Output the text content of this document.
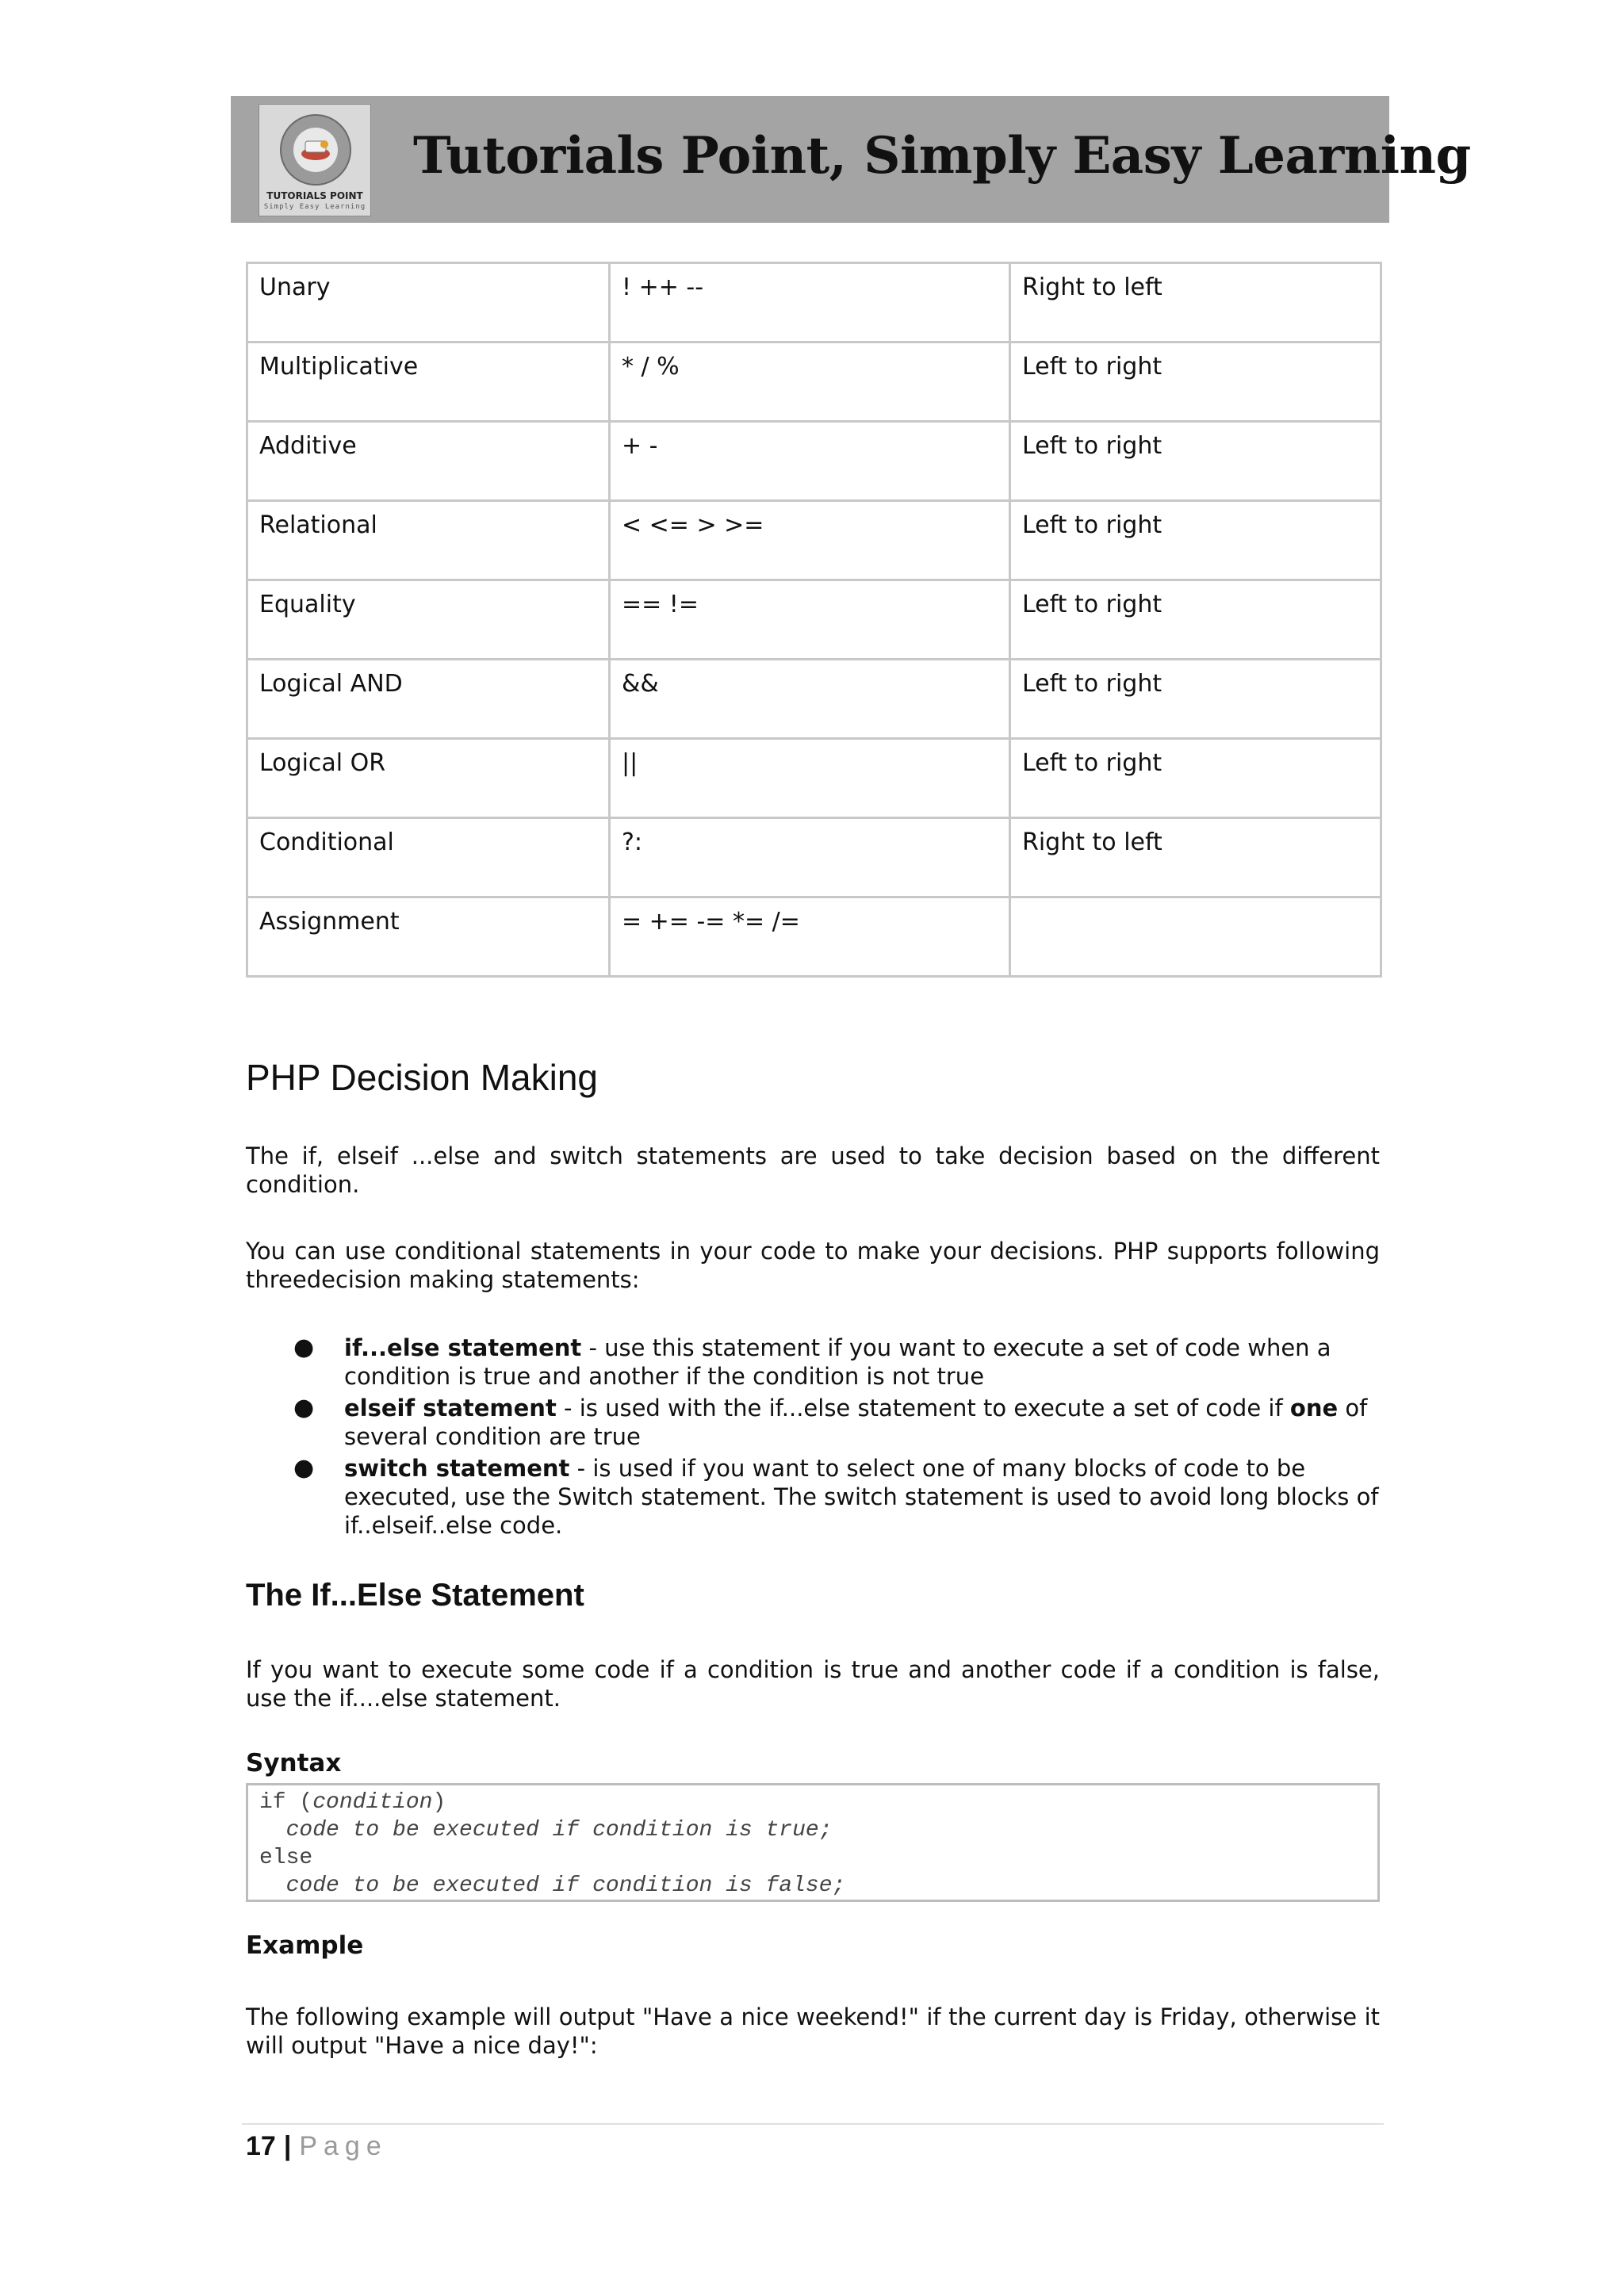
TUTORIALS POINT
Simply Easy Learning
Tutorials Point, Simply Easy Learning
Unary	! ++ --	Right to left
Multiplicative	* / %	Left to right
Additive	+ -	Left to right
Relational	< <= > >=	Left to right
Equality	== !=	Left to right
Logical AND	&&	Left to right
Logical OR	||	Left to right
Conditional	?:	Right to left
Assignment	= += -= *= /=	
PHP Decision Making

The if, elseif ...else and switch statements are used to take decision based on the different condition.

You can use conditional statements in your code to make your decisions. PHP supports following threedecision making statements:

● if...else statement - use this statement if you want to execute a set of code when a condition is true and another if the condition is not true
● elseif statement - is used with the if...else statement to execute a set of code if one of several condition are true
● switch statement - is used if you want to select one of many blocks of code to be executed, use the Switch statement. The switch statement is used to avoid long blocks of if..elseif..else code.
The If...Else Statement

If you want to execute some code if a condition is true and another code if a condition is false, use the if....else statement.

Syntax
if (condition)
code to be executed if condition is true;
else
code to be executed if condition is false;
Example

The following example will output "Have a nice weekend!" if the current day is Friday, otherwise it will output "Have a nice day!":

17 | Page
